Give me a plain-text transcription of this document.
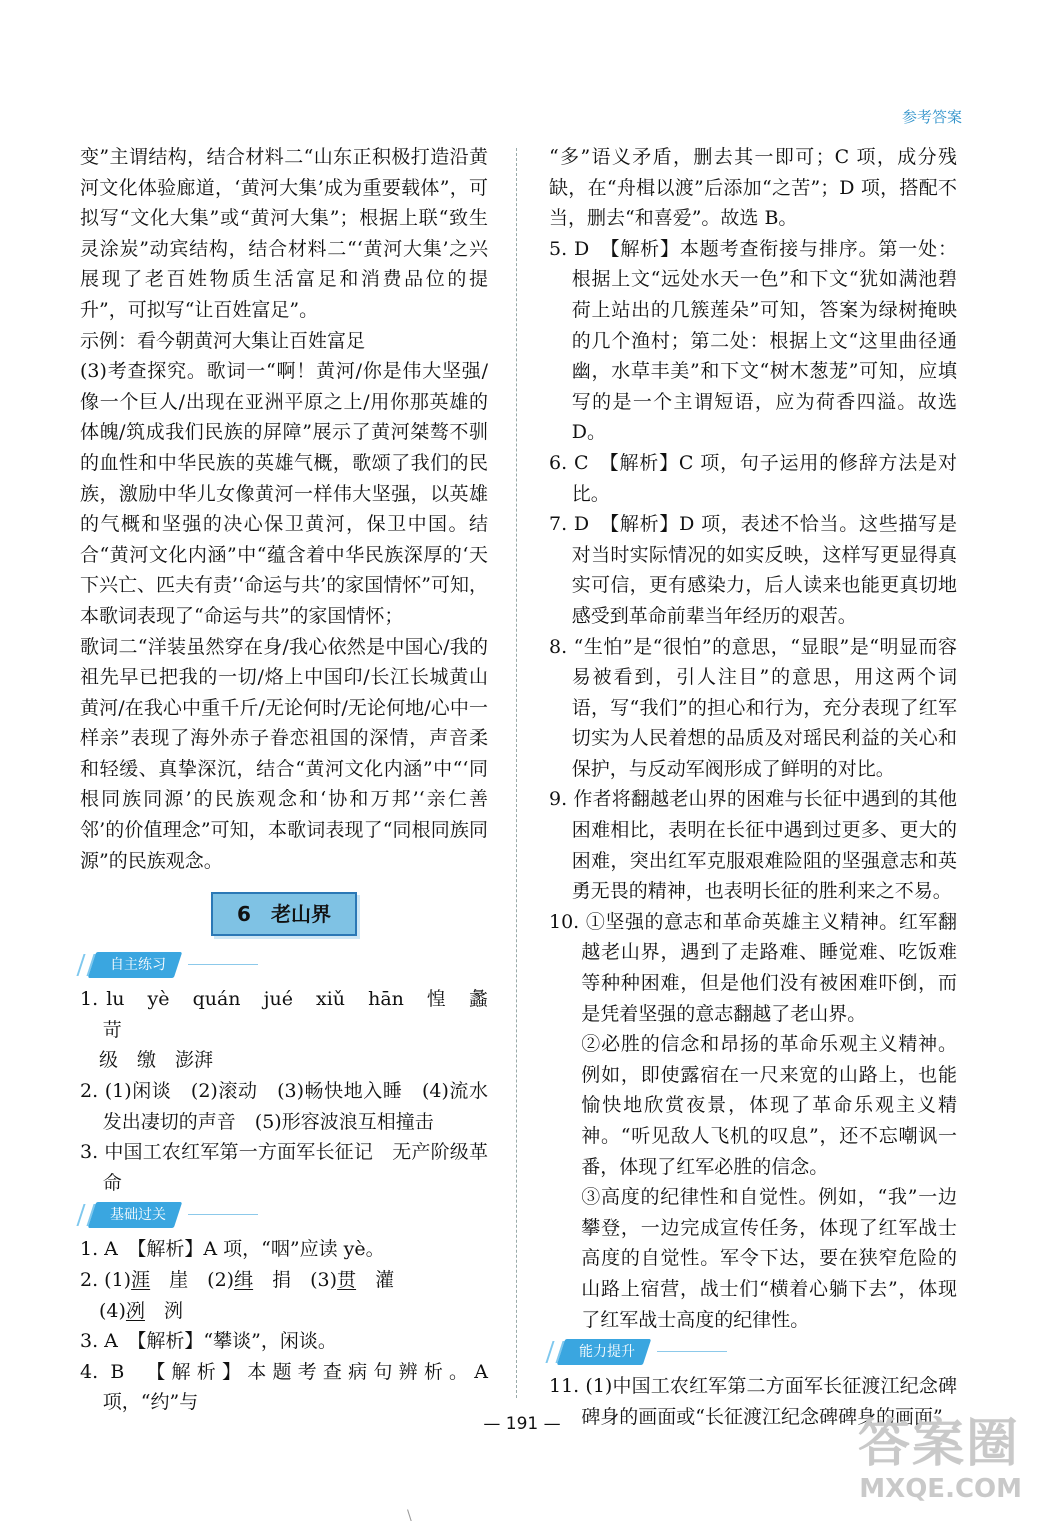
参考答案

变”主谓结构，结合材料二“山东正积极打造沿黄河文化体验廊道，‘黄河大集’成为重要载体”，可拟写“文化大集”或“黄河大集”；根据上联“致生灵涂炭”动宾结构，结合材料二“‘黄河大集’之兴展现了老百姓物质生活富足和消费品位的提升”，可拟写“让百姓富足”。

示例：看今朝黄河大集让百姓富足

(3)考查探究。歌词一“啊！黄河/你是伟大坚强/像一个巨人/出现在亚洲平原之上/用你那英雄的体魄/筑成我们民族的屏障”展示了黄河桀骜不驯的血性和中华民族的英雄气概，歌颂了我们的民族，激励中华儿女像黄河一样伟大坚强，以英雄的气概和坚强的决心保卫黄河，保卫中国。结合“黄河文化内涵”中“蕴含着中华民族深厚的‘天下兴亡、匹夫有责’‘命运与共’的家国情怀”可知，本歌词表现了“命运与共”的家国情怀；

歌词二“洋装虽然穿在身/我心依然是中国心/我的祖先早已把我的一切/烙上中国印/长江长城黄山黄河/在我心中重千斤/无论何时/无论何地/心中一样亲”表现了海外赤子眷恋祖国的深情，声音柔和轻缓、真挚深沉，结合“黄河文化内涵”中“‘同根同族同源’的民族观念和‘协和万邦’‘亲仁善邻’的价值理念”可知，本歌词表现了“同根同族同源”的民族观念。

6　老山界
自主练习

1. lu　yè　quán　jué　xiǔ　hān　惶　蠡　苛

　级　缴　澎湃

2. (1)闲谈　(2)滚动　(3)畅快地入睡　(4)流水发出凄切的声音　(5)形容波浪互相撞击

3. 中国工农红军第一方面军长征记　无产阶级革命

基础过关

1. A　【解析】A 项，“咽”应读 yè。

2. (1)涯　 崖　 (2)缉　 捐　 (3)贯　 灌

　(4)冽　 洌

3. A　【解析】“攀谈”，闲谈。

4. B　【解析】本题考查病句辨析。A 项，“约”与

“多”语义矛盾，删去其一即可；C 项，成分残缺，在“舟楫以渡”后添加“之苦”；D 项，搭配不当，删去“和喜爱”。故选 B。

5. D　【解析】本题考查衔接与排序。第一处：根据上文“远处水天一色”和下文“犹如满池碧荷上站出的几簇莲朵”可知，答案为绿树掩映的几个渔村；第二处：根据上文“这里曲径通幽，水草丰美”和下文“树木葱茏”可知，应填写的是一个主谓短语，应为荷香四溢。故选 D。

6. C　【解析】C 项，句子运用的修辞方法是对比。

7. D　【解析】D 项，表述不恰当。这些描写是对当时实际情况的如实反映，这样写更显得真实可信，更有感染力，后人读来也能更真切地感受到革命前辈当年经历的艰苦。

8. “生怕”是“很怕”的意思，“显眼”是“明显而容易被看到，引人注目”的意思，用这两个词语，写“我们”的担心和行为，充分表现了红军切实为人民着想的品质及对瑶民利益的关心和保护，与反动军阀形成了鲜明的对比。

9. 作者将翻越老山界的困难与长征中遇到的其他困难相比，表明在长征中遇到过更多、更大的困难，突出红军克服艰难险阻的坚强意志和英勇无畏的精神，也表明长征的胜利来之不易。

10. ①坚强的意志和革命英雄主义精神。红军翻越老山界，遇到了走路难、睡觉难、吃饭难等种种困难，但是他们没有被困难吓倒，而是凭着坚强的意志翻越了老山界。

②必胜的信念和昂扬的革命乐观主义精神。例如，即使露宿在一尺来宽的山路上，也能愉快地欣赏夜景，体现了革命乐观主义精神。“听见敌人飞机的叹息”，还不忘嘲讽一番，体现了红军必胜的信念。

③高度的纪律性和自觉性。例如，“我”一边攀登，一边完成宣传任务，体现了红军战士高度的自觉性。军令下达，要在狭窄危险的山路上宿营，战士们“横着心躺下去”，体现了红军战士高度的纪律性。

能力提升

11. (1)中国工农红军第二方面军长征渡江纪念碑碑身的画面或“长征渡江纪念碑碑身的画面”

— 191 —	答案圈
MXQE.COM
\
